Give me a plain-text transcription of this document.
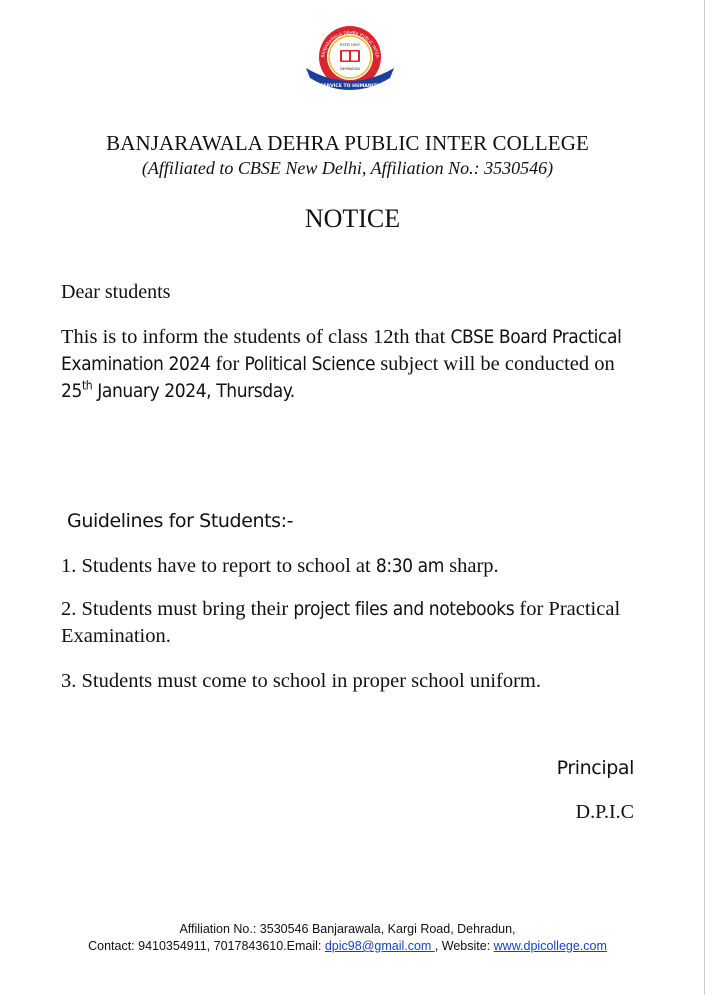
BANJARAWALA DEHRA PUBLIC INTER
ESTD 1997
DEHRADUN
SERVICE TO HUMANITY
BANJARAWALA DEHRA PUBLIC INTER COLLEGE
(Affiliated to CBSE New Delhi, Affiliation No.: 3530546)
NOTICE
Dear students
This is to inform the students of class 12th that CBSE Board Practical Examination 2024 for Political Science subject will be conducted on 25th January 2024, Thursday.
Guidelines for Students:-
1. Students have to report to school at 8:30 am sharp.
2. Students must bring their project files and notebooks for Practical Examination.
3. Students must come to school in proper school uniform.
Principal
D.P.I.C
Affiliation No.: 3530546 Banjarawala, Kargi Road, Dehradun,
Contact: 9410354911, 7017843610.Email: dpic98@gmail.com , Website: www.dpicollege.com
